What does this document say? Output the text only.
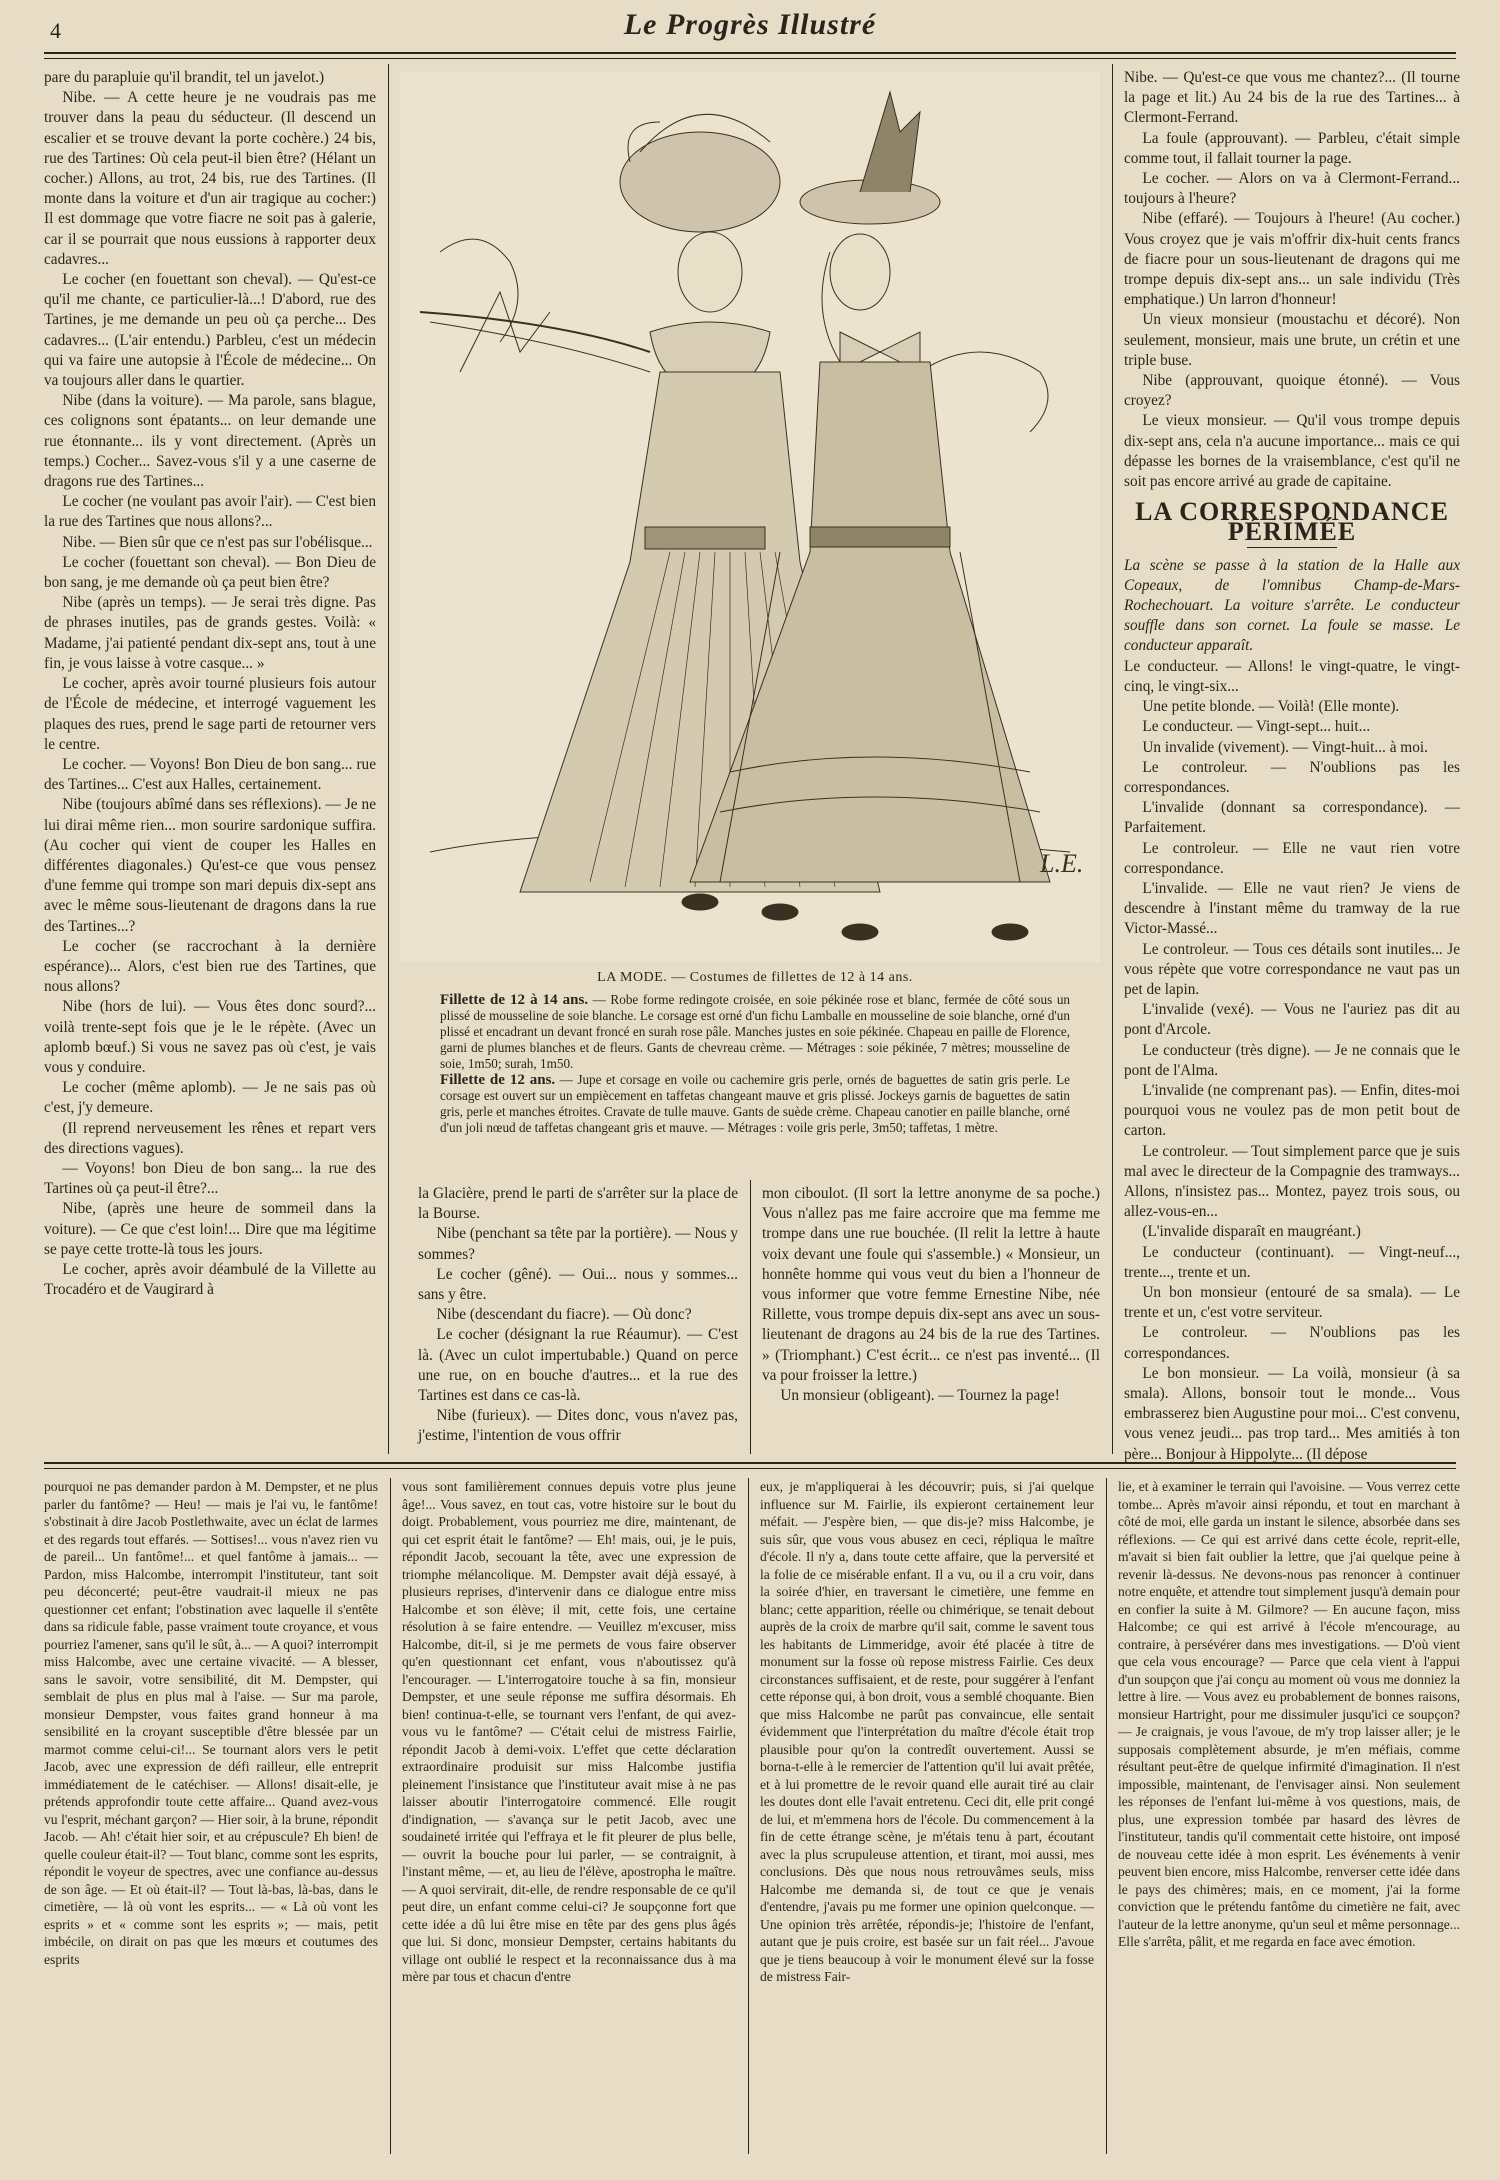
4	Le Progrès Illustré

pare du parapluie qu'il brandit, tel un javelot.)

Nibe. — A cette heure je ne voudrais pas me trouver dans la peau du séducteur. (Il descend un escalier et se trouve devant la porte cochère.) 24 bis, rue des Tartines: Où cela peut-il bien être? (Hélant un cocher.) Allons, au trot, 24 bis, rue des Tartines. (Il monte dans la voiture et d'un air tragique au cocher:) Il est dommage que votre fiacre ne soit pas à galerie, car il se pourrait que nous eussions à rapporter deux cadavres...

Le cocher (en fouettant son cheval). — Qu'est-ce qu'il me chante, ce particulier-là...! D'abord, rue des Tartines, je me demande un peu où ça perche... Des cadavres... (L'air entendu.) Parbleu, c'est un médecin qui va faire une autopsie à l'École de médecine... On va toujours aller dans le quartier.

Nibe (dans la voiture). — Ma parole, sans blague, ces colignons sont épatants... on leur demande une rue étonnante... ils y vont directement. (Après un temps.) Cocher... Savez-vous s'il y a une caserne de dragons rue des Tartines...

Le cocher (ne voulant pas avoir l'air). — C'est bien la rue des Tartines que nous allons?...

Nibe. — Bien sûr que ce n'est pas sur l'obélisque...

Le cocher (fouettant son cheval). — Bon Dieu de bon sang, je me demande où ça peut bien être?

Nibe (après un temps). — Je serai très digne. Pas de phrases inutiles, pas de grands gestes. Voilà: « Madame, j'ai patienté pendant dix-sept ans, tout à une fin, je vous laisse à votre casque... »

Le cocher, après avoir tourné plusieurs fois autour de l'École de médecine, et interrogé vaguement les plaques des rues, prend le sage parti de retourner vers le centre.

Le cocher. — Voyons! Bon Dieu de bon sang... rue des Tartines... C'est aux Halles, certainement.

Nibe (toujours abîmé dans ses réflexions). — Je ne lui dirai même rien... mon sourire sardonique suffira. (Au cocher qui vient de couper les Halles en différentes diagonales.) Qu'est-ce que vous pensez d'une femme qui trompe son mari depuis dix-sept ans avec le même sous-lieutenant de dragons dans la rue des Tartines...?

Le cocher (se raccrochant à la dernière espérance)... Alors, c'est bien rue des Tartines, que nous allons?

Nibe (hors de lui). — Vous êtes donc sourd?... voilà trente-sept fois que je le le répète. (Avec un aplomb bœuf.) Si vous ne savez pas où c'est, je vais vous y conduire.

Le cocher (même aplomb). — Je ne sais pas où c'est, j'y demeure.

(Il reprend nerveusement les rênes et repart vers des directions vagues).

— Voyons! bon Dieu de bon sang... la rue des Tartines où ça peut-il être?...

Nibe, (après une heure de sommeil dans la voiture). — Ce que c'est loin!... Dire que ma légitime se paye cette trotte-là tous les jours.

Le cocher, après avoir déambulé de la Villette au Trocadéro et de Vaugirard à

L.E.
LA MODE. — Costumes de fillettes de 12 à 14 ans.
Fillette de 12 à 14 ans. — Robe forme redingote croisée, en soie pékinée rose et blanc, fermée de côté sous un plissé de mousseline de soie blanche. Le corsage est orné d'un fichu Lamballe en mousseline de soie blanche, orné d'un plissé et encadrant un devant froncé en surah rose pâle. Manches justes en soie pékinée. Chapeau en paille de Florence, garni de plumes blanches et de fleurs. Gants de chevreau crème. — Métrages : soie pékinée, 7 mètres; mousseline de soie, 1m50; surah, 1m50.
Fillette de 12 ans. — Jupe et corsage en voile ou cachemire gris perle, ornés de baguettes de satin gris perle. Le corsage est ouvert sur un empiècement en taffetas changeant mauve et gris plissé. Jockeys garnis de baguettes de satin gris, perle et manches étroites. Cravate de tulle mauve. Gants de suède crème. Chapeau canotier en paille blanche, orné d'un joli nœud de taffetas changeant gris et mauve. — Métrages : voile gris perle, 3m50; taffetas, 1 mètre.

la Glacière, prend le parti de s'arrêter sur la place de la Bourse.

Nibe (penchant sa tête par la portière). — Nous y sommes?

Le cocher (gêné). — Oui... nous y sommes... sans y être.

Nibe (descendant du fiacre). — Où donc?

Le cocher (désignant la rue Réaumur). — C'est là. (Avec un culot impertubable.) Quand on perce une rue, on en bouche d'autres... et la rue des Tartines est dans ce cas-là.

Nibe (furieux). — Dites donc, vous n'avez pas, j'estime, l'intention de vous offrir

mon ciboulot. (Il sort la lettre anonyme de sa poche.) Vous n'allez pas me faire accroire que ma femme me trompe dans une rue bouchée. (Il relit la lettre à haute voix devant une foule qui s'assemble.) « Monsieur, un honnête homme qui vous veut du bien a l'honneur de vous informer que votre femme Ernestine Nibe, née Rillette, vous trompe depuis dix-sept ans avec un sous-lieutenant de dragons au 24 bis de la rue des Tartines. » (Triomphant.) C'est écrit... ce n'est pas inventé... (Il va pour froisser la lettre.)

Un monsieur (obligeant). — Tournez la page!

Nibe. — Qu'est-ce que vous me chantez?... (Il tourne la page et lit.) Au 24 bis de la rue des Tartines... à Clermont-Ferrand.

La foule (approuvant). — Parbleu, c'était simple comme tout, il fallait tourner la page.

Le cocher. — Alors on va à Clermont-Ferrand... toujours à l'heure?

Nibe (effaré). — Toujours à l'heure! (Au cocher.) Vous croyez que je vais m'offrir dix-huit cents francs de fiacre pour un sous-lieutenant de dragons qui me trompe depuis dix-sept ans... un sale individu (Très emphatique.) Un larron d'honneur!

Un vieux monsieur (moustachu et décoré). Non seulement, monsieur, mais une brute, un crétin et une triple buse.

Nibe (approuvant, quoique étonné). — Vous croyez?

Le vieux monsieur. — Qu'il vous trompe depuis dix-sept ans, cela n'a aucune importance... mais ce qui dépasse les bornes de la vraisemblance, c'est qu'il ne soit pas encore arrivé au grade de capitaine.

LA CORRESPONDANCE PÉRIMÉE

La scène se passe à la station de la Halle aux Copeaux, de l'omnibus Champ-de-Mars-Rochechouart. La voiture s'arrête. Le conducteur souffle dans son cornet. La foule se masse. Le conducteur apparaît.

Le conducteur. — Allons! le vingt-quatre, le vingt-cinq, le vingt-six...

Une petite blonde. — Voilà! (Elle monte).

Le conducteur. — Vingt-sept... huit...

Un invalide (vivement). — Vingt-huit... à moi.

Le controleur. — N'oublions pas les correspondances.

L'invalide (donnant sa correspondance). — Parfaitement.

Le controleur. — Elle ne vaut rien votre correspondance.

L'invalide. — Elle ne vaut rien? Je viens de descendre à l'instant même du tramway de la rue Victor-Massé...

Le controleur. — Tous ces détails sont inutiles... Je vous répète que votre correspondance ne vaut pas un pet de lapin.

L'invalide (vexé). — Vous ne l'auriez pas dit au pont d'Arcole.

Le conducteur (très digne). — Je ne connais que le pont de l'Alma.

L'invalide (ne comprenant pas). — Enfin, dites-moi pourquoi vous ne voulez pas de mon petit bout de carton.

Le controleur. — Tout simplement parce que je suis mal avec le directeur de la Compagnie des tramways... Allons, n'insistez pas... Montez, payez trois sous, ou allez-vous-en...

(L'invalide disparaît en maugréant.)

Le conducteur (continuant). — Vingt-neuf..., trente..., trente et un.

Un bon monsieur (entouré de sa smala). — Le trente et un, c'est votre serviteur.

Le controleur. — N'oublions pas les correspondances.

Le bon monsieur. — La voilà, monsieur (à sa smala). Allons, bonsoir tout le monde... Vous embrasserez bien Augustine pour moi... C'est convenu, vous venez jeudi... pas trop tard... Mes amitiés à ton père... Bonjour à Hippolyte... (Il dépose

pourquoi ne pas demander pardon à M. Dempster, et ne plus parler du fantôme? — Heu! — mais je l'ai vu, le fantôme! s'obstinait à dire Jacob Postlethwaite, avec un éclat de larmes et des regards tout effarés. — Sottises!... vous n'avez rien vu de pareil... Un fantôme!... et quel fantôme à jamais... — Pardon, miss Halcombe, interrompit l'instituteur, tant soit peu déconcerté; peut-être vaudrait-il mieux ne pas questionner cet enfant; l'obstination avec laquelle il s'entête dans sa ridicule fable, passe vraiment toute croyance, et vous pourriez l'amener, sans qu'il le sût, à... — A quoi? interrompit miss Halcombe, avec une certaine vivacité. — A blesser, sans le savoir, votre sensibilité, dit M. Dempster, qui semblait de plus en plus mal à l'aise. — Sur ma parole, monsieur Dempster, vous faites grand honneur à ma sensibilité en la croyant susceptible d'être blessée par un marmot comme celui-ci!... Se tournant alors vers le petit Jacob, avec une expression de défi railleur, elle entreprit immédiatement de le catéchiser. — Allons! disait-elle, je prétends approfondir toute cette affaire... Quand avez-vous vu l'esprit, méchant garçon? — Hier soir, à la brune, répondit Jacob. — Ah! c'était hier soir, et au crépuscule? Eh bien! de quelle couleur était-il? — Tout blanc, comme sont les esprits, répondit le voyeur de spectres, avec une confiance au-dessus de son âge. — Et où était-il? — Tout là-bas, là-bas, dans le cimetière, — là où vont les esprits... — « Là où vont les esprits » et « comme sont les esprits »; — mais, petit imbécile, on dirait on pas que les mœurs et coutumes des esprits

vous sont familièrement connues depuis votre plus jeune âge!... Vous savez, en tout cas, votre histoire sur le bout du doigt. Probablement, vous pourriez me dire, maintenant, de qui cet esprit était le fantôme? — Eh! mais, oui, je le puis, répondit Jacob, secouant la tête, avec une expression de triomphe mélancolique. M. Dempster avait déjà essayé, à plusieurs reprises, d'intervenir dans ce dialogue entre miss Halcombe et son élève; il mit, cette fois, une certaine résolution à se faire entendre. — Veuillez m'excuser, miss Halcombe, dit-il, si je me permets de vous faire observer qu'en questionnant cet enfant, vous n'aboutissez qu'à l'encourager. — L'interrogatoire touche à sa fin, monsieur Dempster, et une seule réponse me suffira désormais. Eh bien! continua-t-elle, se tournant vers l'enfant, de qui avez-vous vu le fantôme? — C'était celui de mistress Fairlie, répondit Jacob à demi-voix. L'effet que cette déclaration extraordinaire produisit sur miss Halcombe justifia pleinement l'insistance que l'instituteur avait mise à ne pas laisser aboutir l'interrogatoire commencé. Elle rougit d'indignation, — s'avança sur le petit Jacob, avec une soudaineté irritée qui l'effraya et le fit pleurer de plus belle, — ouvrit la bouche pour lui parler, — se contraignit, à l'instant même, — et, au lieu de l'élève, apostropha le maître. — A quoi servirait, dit-elle, de rendre responsable de ce qu'il peut dire, un enfant comme celui-ci? Je soupçonne fort que cette idée a dû lui être mise en tête par des gens plus âgés que lui. Si donc, monsieur Dempster, certains habitants du village ont oublié le respect et la reconnaissance dus à ma mère par tous et chacun d'entre

eux, je m'appliquerai à les découvrir; puis, si j'ai quelque influence sur M. Fairlie, ils expieront certainement leur méfait. — J'espère bien, — que dis-je? miss Halcombe, je suis sûr, que vous vous abusez en ceci, répliqua le maître d'école. Il n'y a, dans toute cette affaire, que la perversité et la folie de ce misérable enfant. Il a vu, ou il a cru voir, dans la soirée d'hier, en traversant le cimetière, une femme en blanc; cette apparition, réelle ou chimérique, se tenait debout auprès de la croix de marbre qu'il sait, comme le savent tous les habitants de Limmeridge, avoir été placée à titre de monument sur la fosse où repose mistress Fairlie. Ces deux circonstances suffisaient, et de reste, pour suggérer à l'enfant cette réponse qui, à bon droit, vous a semblé choquante. Bien que miss Halcombe ne parût pas convaincue, elle sentait évidemment que l'interprétation du maître d'école était trop plausible pour qu'on la contredît ouvertement. Aussi se borna-t-elle à le remercier de l'attention qu'il lui avait prêtée, et à lui promettre de le revoir quand elle aurait tiré au clair les doutes dont elle l'avait entretenu. Ceci dit, elle prit congé de lui, et m'emmena hors de l'école. Du commencement à la fin de cette étrange scène, je m'étais tenu à part, écoutant avec la plus scrupuleuse attention, et tirant, moi aussi, mes conclusions. Dès que nous nous retrouvâmes seuls, miss Halcombe me demanda si, de tout ce que je venais d'entendre, j'avais pu me former une opinion quelconque. — Une opinion très arrêtée, répondis-je; l'histoire de l'enfant, autant que je puis croire, est basée sur un fait réel... J'avoue que je tiens beaucoup à voir le monument élevé sur la fosse de mistress Fair-

lie, et à examiner le terrain qui l'avoisine. — Vous verrez cette tombe... Après m'avoir ainsi répondu, et tout en marchant à côté de moi, elle garda un instant le silence, absorbée dans ses réflexions. — Ce qui est arrivé dans cette école, reprit-elle, m'avait si bien fait oublier la lettre, que j'ai quelque peine à revenir là-dessus. Ne devons-nous pas renoncer à continuer notre enquête, et attendre tout simplement jusqu'à demain pour en confier la suite à M. Gilmore? — En aucune façon, miss Halcombe; ce qui est arrivé à l'école m'encourage, au contraire, à persévérer dans mes investigations. — D'où vient que cela vous encourage? — Parce que cela vient à l'appui d'un soupçon que j'ai conçu au moment où vous me donniez la lettre à lire. — Vous avez eu probablement de bonnes raisons, monsieur Hartright, pour me dissimuler jusqu'ici ce soupçon? — Je craignais, je vous l'avoue, de m'y trop laisser aller; je le supposais complètement absurde, je m'en méfiais, comme résultant peut-être de quelque infirmité d'imagination. Il n'est impossible, maintenant, de l'envisager ainsi. Non seulement les réponses de l'enfant lui-même à vos questions, mais, de plus, une expression tombée par hasard des lèvres de l'instituteur, tandis qu'il commentait cette histoire, ont imposé de nouveau cette idée à mon esprit. Les événements à venir peuvent bien encore, miss Halcombe, renverser cette idée dans le pays des chimères; mais, en ce moment, j'ai la forme conviction que le prétendu fantôme du cimetière ne fait, avec l'auteur de la lettre anonyme, qu'un seul et même personnage... Elle s'arrêta, pâlit, et me regarda en face avec émotion.
